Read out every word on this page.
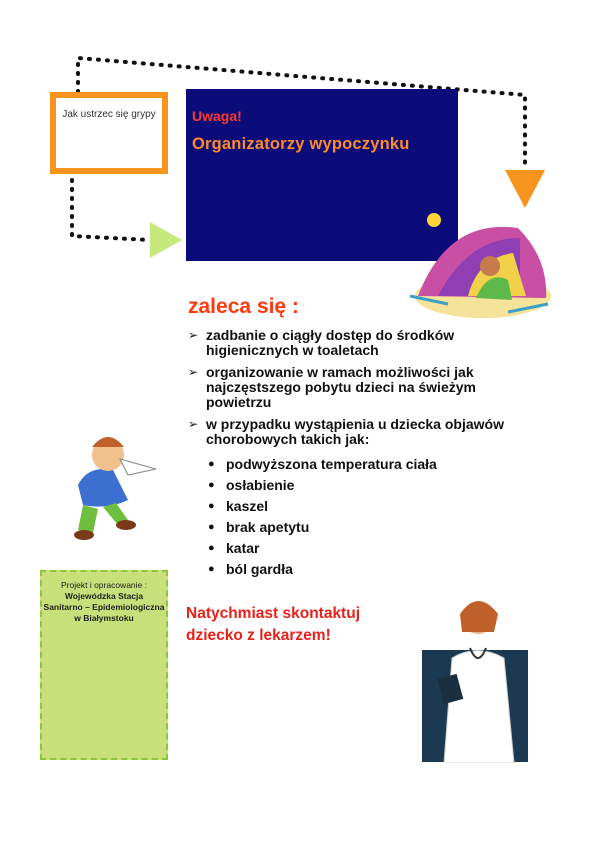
Jak ustrzec się grypy	Uwaga!
Organizatorzy wypoczynku
zaleca się :
➢ zadbanie o ciągły dostęp do środków higienicznych w toaletach
➢ organizowanie w ramach możliwości jak najczęstszego pobytu dzieci na świeżym powietrzu
➢ w przypadku wystąpienia u dziecka objawów chorobowych takich jak:
● podwyższona temperatura ciała
● osłabienie
● kaszel
● brak apetytu
● katar
● ból gardła
Natychmiast skontaktuj
dziecko z lekarzem!
Projekt i opracowanie :
Wojewódzka Stacja
Sanitarno – Epidemiologiczna
w Białymstoku
